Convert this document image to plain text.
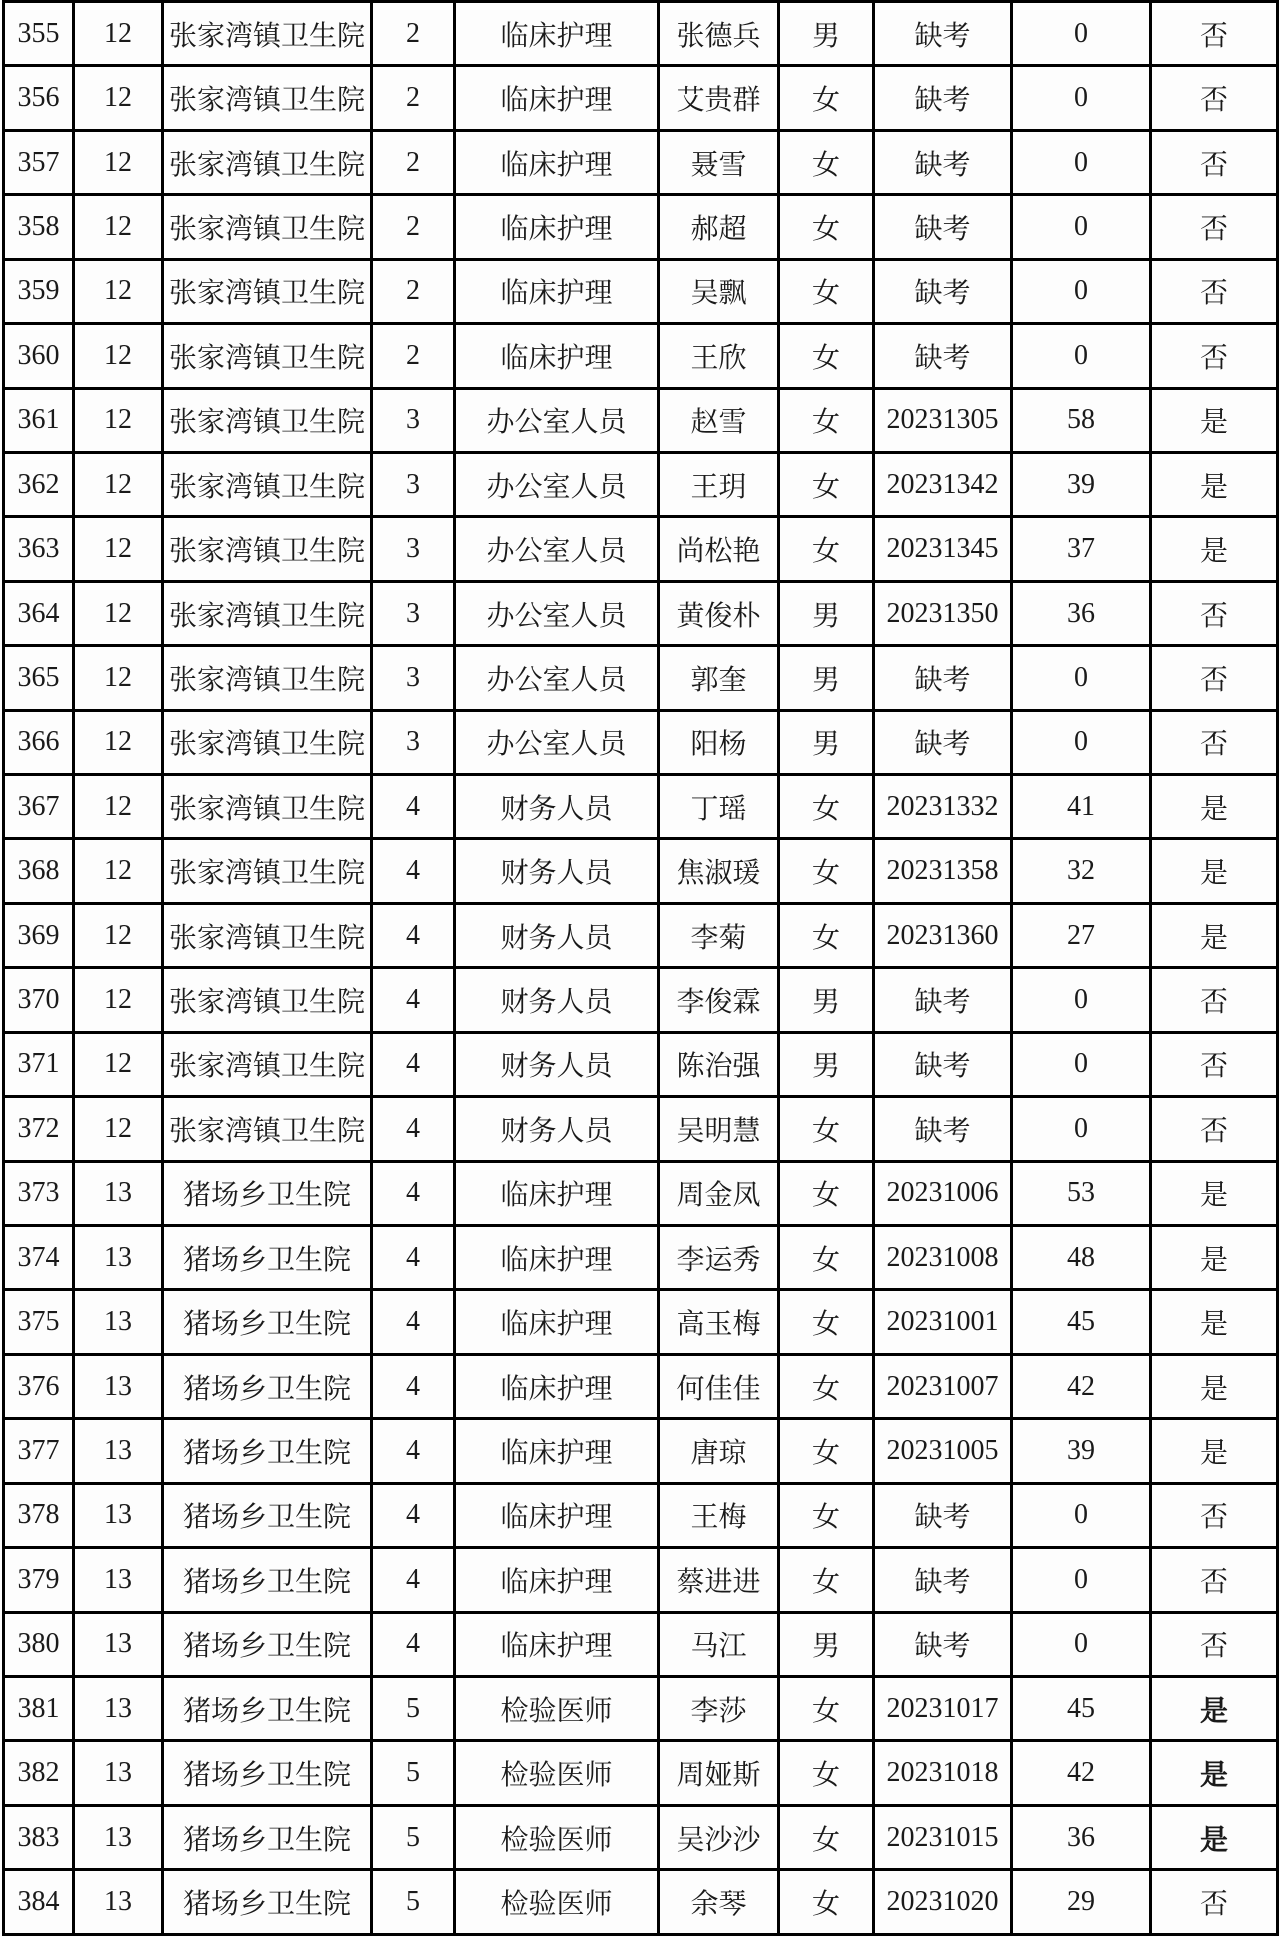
355	12	张家湾镇卫生院	2	临床护理	张德兵	男	缺考	0	否
356	12	张家湾镇卫生院	2	临床护理	艾贵群	女	缺考	0	否
357	12	张家湾镇卫生院	2	临床护理	聂雪	女	缺考	0	否
358	12	张家湾镇卫生院	2	临床护理	郝超	女	缺考	0	否
359	12	张家湾镇卫生院	2	临床护理	吴飘	女	缺考	0	否
360	12	张家湾镇卫生院	2	临床护理	王欣	女	缺考	0	否
361	12	张家湾镇卫生院	3	办公室人员	赵雪	女	20231305	58	是
362	12	张家湾镇卫生院	3	办公室人员	王玥	女	20231342	39	是
363	12	张家湾镇卫生院	3	办公室人员	尚松艳	女	20231345	37	是
364	12	张家湾镇卫生院	3	办公室人员	黄俊朴	男	20231350	36	否
365	12	张家湾镇卫生院	3	办公室人员	郭奎	男	缺考	0	否
366	12	张家湾镇卫生院	3	办公室人员	阳杨	男	缺考	0	否
367	12	张家湾镇卫生院	4	财务人员	丁瑶	女	20231332	41	是
368	12	张家湾镇卫生院	4	财务人员	焦淑瑗	女	20231358	32	是
369	12	张家湾镇卫生院	4	财务人员	李菊	女	20231360	27	是
370	12	张家湾镇卫生院	4	财务人员	李俊霖	男	缺考	0	否
371	12	张家湾镇卫生院	4	财务人员	陈治强	男	缺考	0	否
372	12	张家湾镇卫生院	4	财务人员	吴明慧	女	缺考	0	否
373	13	猪场乡卫生院	4	临床护理	周金凤	女	20231006	53	是
374	13	猪场乡卫生院	4	临床护理	李运秀	女	20231008	48	是
375	13	猪场乡卫生院	4	临床护理	高玉梅	女	20231001	45	是
376	13	猪场乡卫生院	4	临床护理	何佳佳	女	20231007	42	是
377	13	猪场乡卫生院	4	临床护理	唐琼	女	20231005	39	是
378	13	猪场乡卫生院	4	临床护理	王梅	女	缺考	0	否
379	13	猪场乡卫生院	4	临床护理	蔡进进	女	缺考	0	否
380	13	猪场乡卫生院	4	临床护理	马江	男	缺考	0	否
381	13	猪场乡卫生院	5	检验医师	李莎	女	20231017	45	是
382	13	猪场乡卫生院	5	检验医师	周娅斯	女	20231018	42	是
383	13	猪场乡卫生院	5	检验医师	吴沙沙	女	20231015	36	是
384	13	猪场乡卫生院	5	检验医师	余琴	女	20231020	29	否
